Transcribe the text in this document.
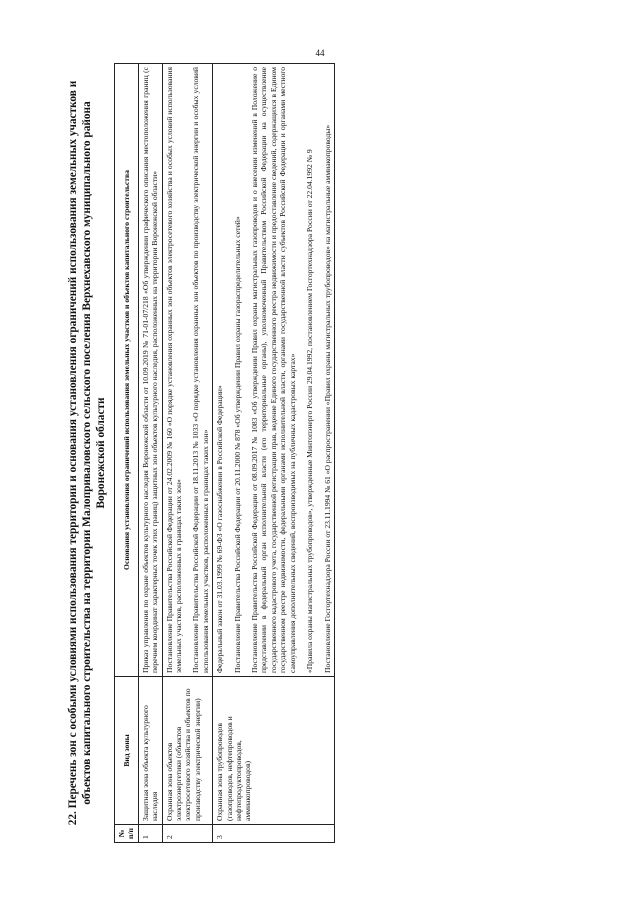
44
22. Перечень зон с особыми условиями использования территории и основания установления ограничений использования земельных участков и объектов капитального строительства на территории Малоприваловского сельского поселения Верхнехавского муниципального района Воронежской области
№ п/п	Вид зоны	Основания установления ограничений использования земельных участков и объектов капитального строительства
1	Защитная зона объекта культурного наследия	Приказ управления по охране объектов культурного наследия Воронежской области от 10.09.2019 № 71-01-07/218 «Об утверждении графического описания местоположения границ (с перечнем координат характерных точек этих границ) защитных зон объектов культурного наследия, расположенных на территории Воронежской области»

2	Охранная зона объектов электроэнергетики (объектов электросетевого хозяйства и объектов по производству электрической энергии)	Постановление Правительства Российской Федерации от 24.02.2009 № 160 «О порядке установления охранных зон объектов электросетевого хозяйства и особых условий использования земельных участков, расположенных в границах таких зон» Постановление Правительства Российской Федерации от 18.11.2013 № 1033 «О порядке установления охранных зон объектов по производству электрической энергии и особых условий использования земельных участков, расположенных в границах таких зон»

3	Охранная зона трубопроводов (газопроводов, нефтепроводов и нефтепродуктопроводов, аммиакопроводов)	Федеральный закон от 31.03.1999 № 69-ФЗ «О газоснабжении в Российской Федерации» Постановление Правительства Российской Федерации от 20.11.2000 № 878 «Об утверждении Правил охраны газораспределительных сетей» Постановление Правительства Российской Федерации от 08.09.2017 № 1083 «Об утверждении Правил охраны магистральных газопроводов и о внесении изменений в Положение о представлении в федеральный орган исполнительной власти (его территориальные органы), уполномоченный Правительством Российской Федерации на осуществление государственного кадастрового учета, государственной регистрации прав, ведение Единого государственного реестра недвижимости и предоставление сведений, содержащихся в Едином государственном реестре недвижимости, федеральными органами исполнительной власти, органами государственной власти субъектов Российской Федерации и органами местного самоуправления дополнительных сведений, воспроизводимых на публичных кадастровых картах» «Правила охраны магистральных трубопроводов», утвержденные Минтопэнерго России 29.04.1992, постановлением Госгортехнадзора России от 22.04.1992 № 9 Постановление Госгортехнадзора России от 23.11.1994 № 61 «О распространении «Правил охраны магистральных трубопроводов» на магистральные аммиакопроводы»
